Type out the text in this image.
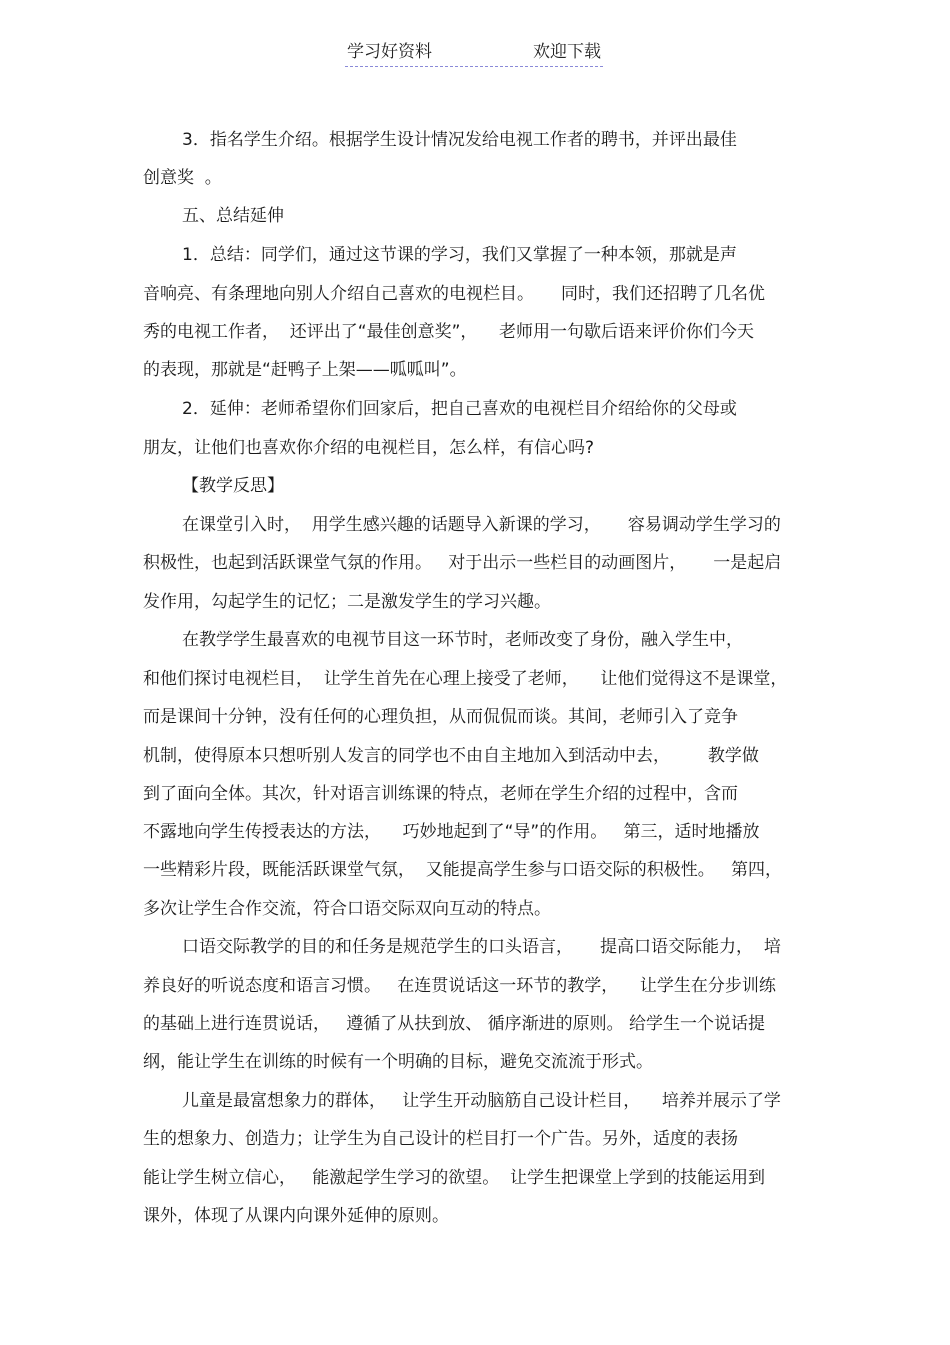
学习好资料	欢迎下载
3．指名学生介绍。根据学生设计情况发给电视工作者的聘书，并评出最佳
创意奖  。
五、总结延伸
1．总结：同学们，通过这节课的学习，我们又掌握了一种本领，那就是声
音响亮、有条理地向别人介绍自己喜欢的电视栏目。     同时，我们还招聘了几名优
秀的电视工作者，  还评出了“最佳创意奖”，    老师用一句歇后语来评价你们今天
的表现，那就是“赶鸭子上架——呱呱叫”。
2．延伸：老师希望你们回家后，把自己喜欢的电视栏目介绍给你的父母或
朋友，让他们也喜欢你介绍的电视栏目，怎么样，有信心吗?
【教学反思】
在课堂引入时，  用学生感兴趣的话题导入新课的学习，     容易调动学生学习的
积极性，也起到活跃课堂气氛的作用。   对于出示一些栏目的动画图片，     一是起启
发作用，勾起学生的记忆；二是激发学生的学习兴趣。
在教学学生最喜欢的电视节目这一环节时，老师改变了身份，融入学生中，
和他们探讨电视栏目，  让学生首先在心理上接受了老师，    让他们觉得这不是课堂，
而是课间十分钟，没有任何的心理负担，从而侃侃而谈。其间，老师引入了竞争
机制，使得原本只想听别人发言的同学也不由自主地加入到活动中去，       教学做
到了面向全体。其次，针对语言训练课的特点，老师在学生介绍的过程中，含而
不露地向学生传授表达的方法，    巧妙地起到了“导”的作用。   第三，适时地播放
一些精彩片段，既能活跃课堂气氛，  又能提高学生参与口语交际的积极性。   第四，
多次让学生合作交流，符合口语交际双向互动的特点。
口语交际教学的目的和任务是规范学生的口头语言，     提高口语交际能力，  培
养良好的听说态度和语言习惯。   在连贯说话这一环节的教学，    让学生在分步训练
的基础上进行连贯说话，   遵循了从扶到放、 循序渐进的原则。 给学生一个说话提
纲，能让学生在训练的时候有一个明确的目标，避免交流流于形式。
儿童是最富想象力的群体，   让学生开动脑筋自己设计栏目，    培养并展示了学
生的想象力、创造力；让学生为自己设计的栏目打一个广告。另外，适度的表扬
能让学生树立信心，   能激起学生学习的欲望。  让学生把课堂上学到的技能运用到
课外，体现了从课内向课外延伸的原则。
